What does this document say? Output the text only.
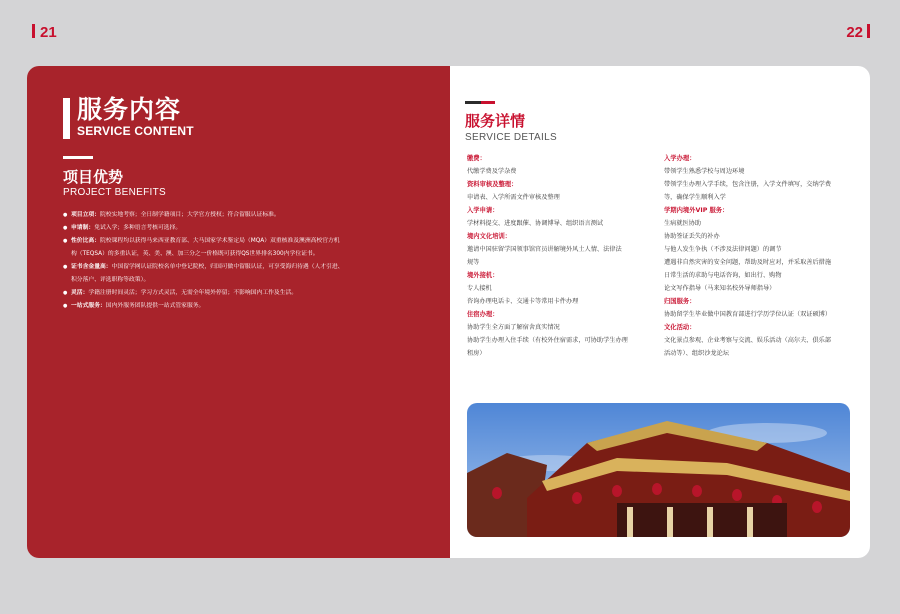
21	22
服务内容
SERVICE CONTENT
项目优势
PROJECT BENEFITS
● 项目立项：院校实地考察；全日制学籍项目；大学官方授权；符合留服认证标准。
● 申请制：免试入学；多种语言考核可选择。
● 性价比高：院校课程均以获得马来西亚教育部、大马国家学术鉴定局（MQA）双重核准及澳洲高校官方机
构（TEQSA）的多重认证，英、美、澳、加三分之一价格既可获得QS世界排名300内学位证书。
● 证书含金量高：中国留学网认证院校名单中登记院校，归国可做中留服认证，可享受海归待遇（人才引进、
积分落户、评选职称等政策）。
● 灵活：学籍注册时间灵活；学习方式灵活，无需全年境外停留；不影响国内工作及生活。
● 一站式服务：国内外服务团队提供一站式管家服务。
服务详情
SERVICE DETAILS
缴费：
代缴学费及学杂费
资料审核及整理：
申请表、入学所需文件审核及整理
入学申请：
学材料提交、进度跟催、协调博导、组织语言测试
境内文化培训：
邀请中国驻留学国领事馆官员讲解境外风土人情、法律法
规等
境外接机：
专人接机
咨询办理电话卡、交通卡等常用卡件办理
住宿办理：
协助学生全方面了解宿舍真实情况
协助学生办理入住手续（有校外住宿需求，可协助学生办理
租房）
入学办理：
带领学生熟悉学校与周边环境
带领学生办理入学手续，包含注册，入学文件填写，交纳学费
等，确保学生顺利入学
学期内境外VIP 服务：
生病就医协助
协助签证丢失的补办
与他人发生争执（不涉及法律问题）的调节
遭遇非自然灾害的安全问题，帮助及时应对，并采取善后措施
日常生活的求助与电话咨询，如出行、购物
论文写作指导（马来知名校外导师指导）
归国服务：
协助留学生毕业做中国教育部进行学历学位认证（双证硕博）
文化活动：
文化景点参观、企业考察与交流、娱乐活动（高尔夫、俱乐部
活动等）、组织沙龙论坛
